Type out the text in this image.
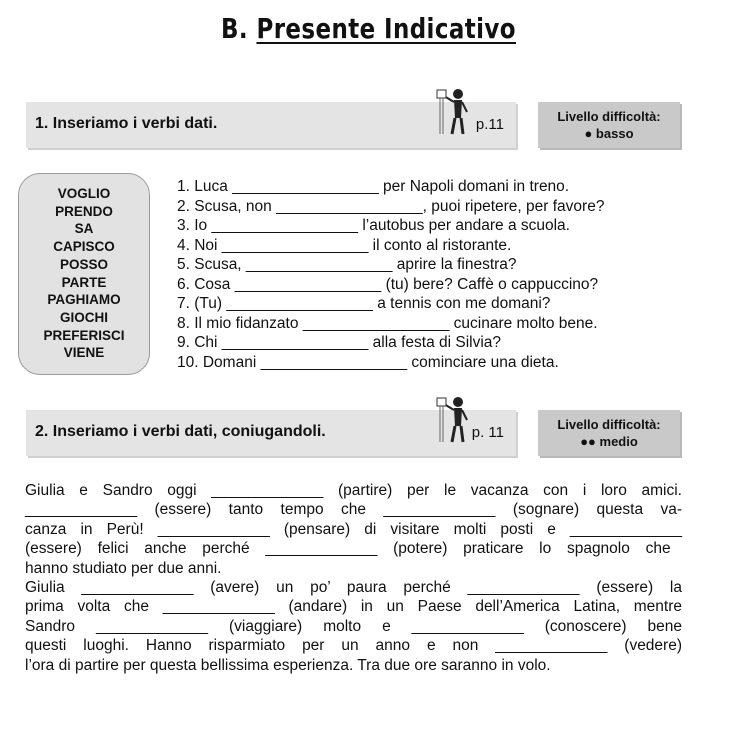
B. Presente Indicativo
1. Inseriamo i verbi dati.	p.11	Livello difficoltà:
● basso
VOGLIO
PRENDO
SA
CAPISCO
POSSO
PARTE
PAGHIAMO
GIOCHI
PREFERISCI
VIENE
1. Luca _________________ per Napoli domani in treno.
2. Scusa, non _________________, puoi ripetere, per favore?
3. Io _________________ l’autobus per andare a scuola.
4. Noi _________________ il conto al ristorante.
5. Scusa, _________________ aprire la finestra?
6. Cosa _________________ (tu) bere? Caffè o cappuccino?
7. (Tu) _________________ a tennis con me domani?
8. Il mio fidanzato _________________ cucinare molto bene.
9. Chi _________________ alla festa di Silvia?
10. Domani _________________ cominciare una dieta.
2. Inseriamo i verbi dati, coniugandoli.	p. 11	Livello difficoltà:
●● medio
Giulia e Sandro oggi _____________ (partire) per le vacanza con i loro amici.
_____________ (essere) tanto tempo che _____________ (sognare) questa va-
canza in Perù! _____________ (pensare) di visitare molti posti e _____________
(essere) felici anche perché _____________ (potere) praticare lo spagnolo che
hanno studiato per due anni.
Giulia _____________ (avere) un po’ paura perché _____________ (essere) la
prima volta che _____________ (andare) in un Paese dell’America Latina, mentre
Sandro _____________ (viaggiare) molto e _____________ (conoscere) bene
questi luoghi. Hanno risparmiato per un anno e non _____________ (vedere)
l’ora di partire per questa bellissima esperienza. Tra due ore saranno in volo.
